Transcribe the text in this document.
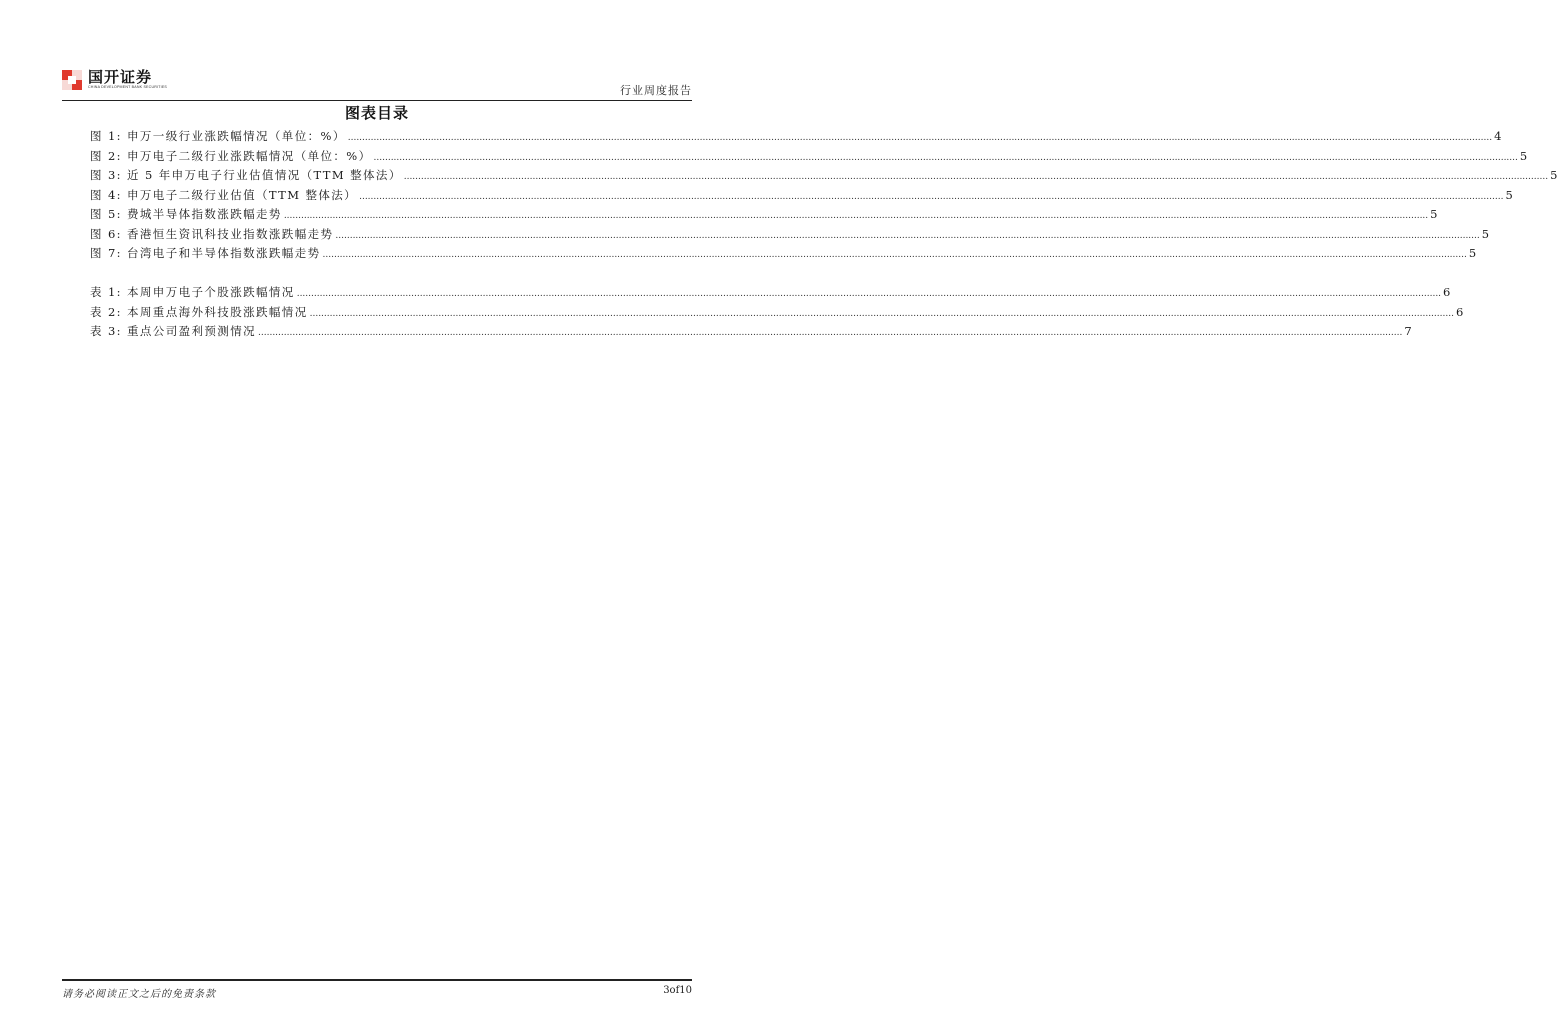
国开证券
CHINA DEVELOPMENT BANK SECURITIES	行业周度报告
图表目录
图 1: 申万一级行业涨跌幅情况（单位：%） ................................................................................................................................................................................................................................................................................................................................................................................................................ 4
图 2: 申万电子二级行业涨跌幅情况（单位：%） ................................................................................................................................................................................................................................................................................................................................................................................................................ 5
图 3: 近 5 年申万电子行业估值情况（TTM 整体法） ................................................................................................................................................................................................................................................................................................................................................................................................................ 5
图 4: 申万电子二级行业估值（TTM 整体法） ................................................................................................................................................................................................................................................................................................................................................................................................................ 5
图 5: 费城半导体指数涨跌幅走势 ................................................................................................................................................................................................................................................................................................................................................................................................................ 5
图 6: 香港恒生资讯科技业指数涨跌幅走势 ................................................................................................................................................................................................................................................................................................................................................................................................................ 5
图 7: 台湾电子和半导体指数涨跌幅走势 ................................................................................................................................................................................................................................................................................................................................................................................................................ 5
表 1: 本周申万电子个股涨跌幅情况 ................................................................................................................................................................................................................................................................................................................................................................................................................ 6
表 2: 本周重点海外科技股涨跌幅情况 ................................................................................................................................................................................................................................................................................................................................................................................................................ 6
表 3: 重点公司盈利预测情况 ................................................................................................................................................................................................................................................................................................................................................................................................................ 7
请务必阅读正文之后的免责条款	3of10
